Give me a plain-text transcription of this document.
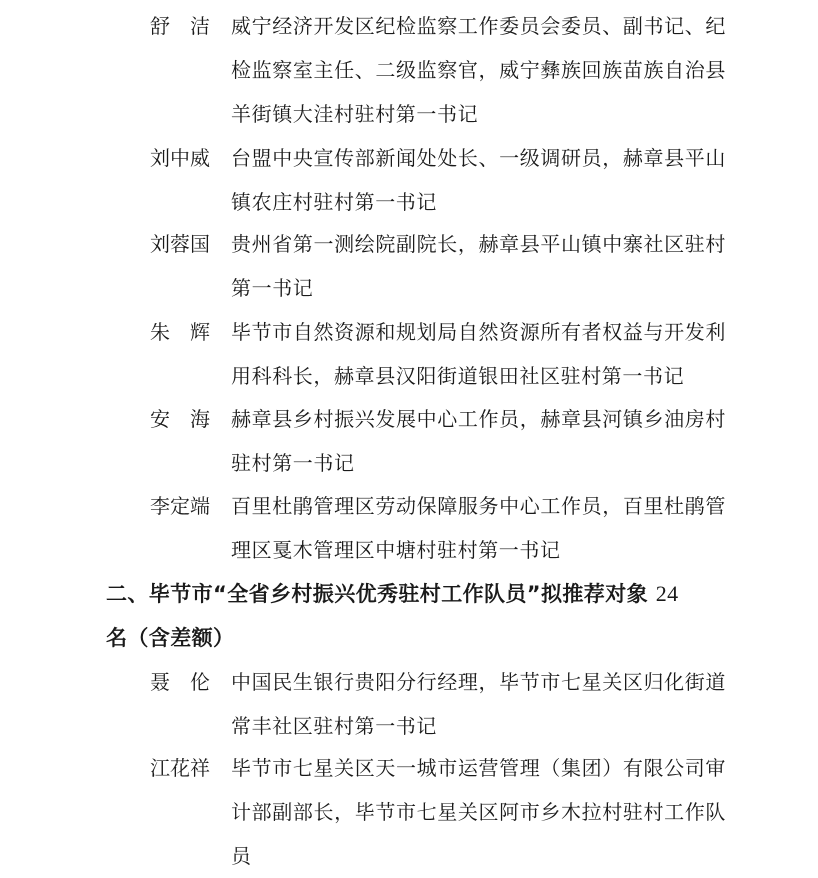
舒　洁 威宁经济开发区纪检监察工作委员会委员、副书记、纪检监察室主任、二级监察官，威宁彝族回族苗族自治县羊街镇大洼村驻村第一书记
刘中威 台盟中央宣传部新闻处处长、一级调研员，赫章县平山镇农庄村驻村第一书记
刘蓉国 贵州省第一测绘院副院长，赫章县平山镇中寨社区驻村第一书记
朱　辉 毕节市自然资源和规划局自然资源所有者权益与开发利用科科长，赫章县汉阳街道银田社区驻村第一书记
安　海 赫章县乡村振兴发展中心工作员，赫章县河镇乡油房村驻村第一书记
李定端 百里杜鹃管理区劳动保障服务中心工作员，百里杜鹃管理区戛木管理区中塘村驻村第一书记
二、毕节市“全省乡村振兴优秀驻村工作队员”拟推荐对象 24
名（含差额）
聂　伦 中国民生银行贵阳分行经理，毕节市七星关区归化街道常丰社区驻村第一书记
江花祥 毕节市七星关区天一城市运营管理（集团）有限公司审计部副部长，毕节市七星关区阿市乡木拉村驻村工作队员
